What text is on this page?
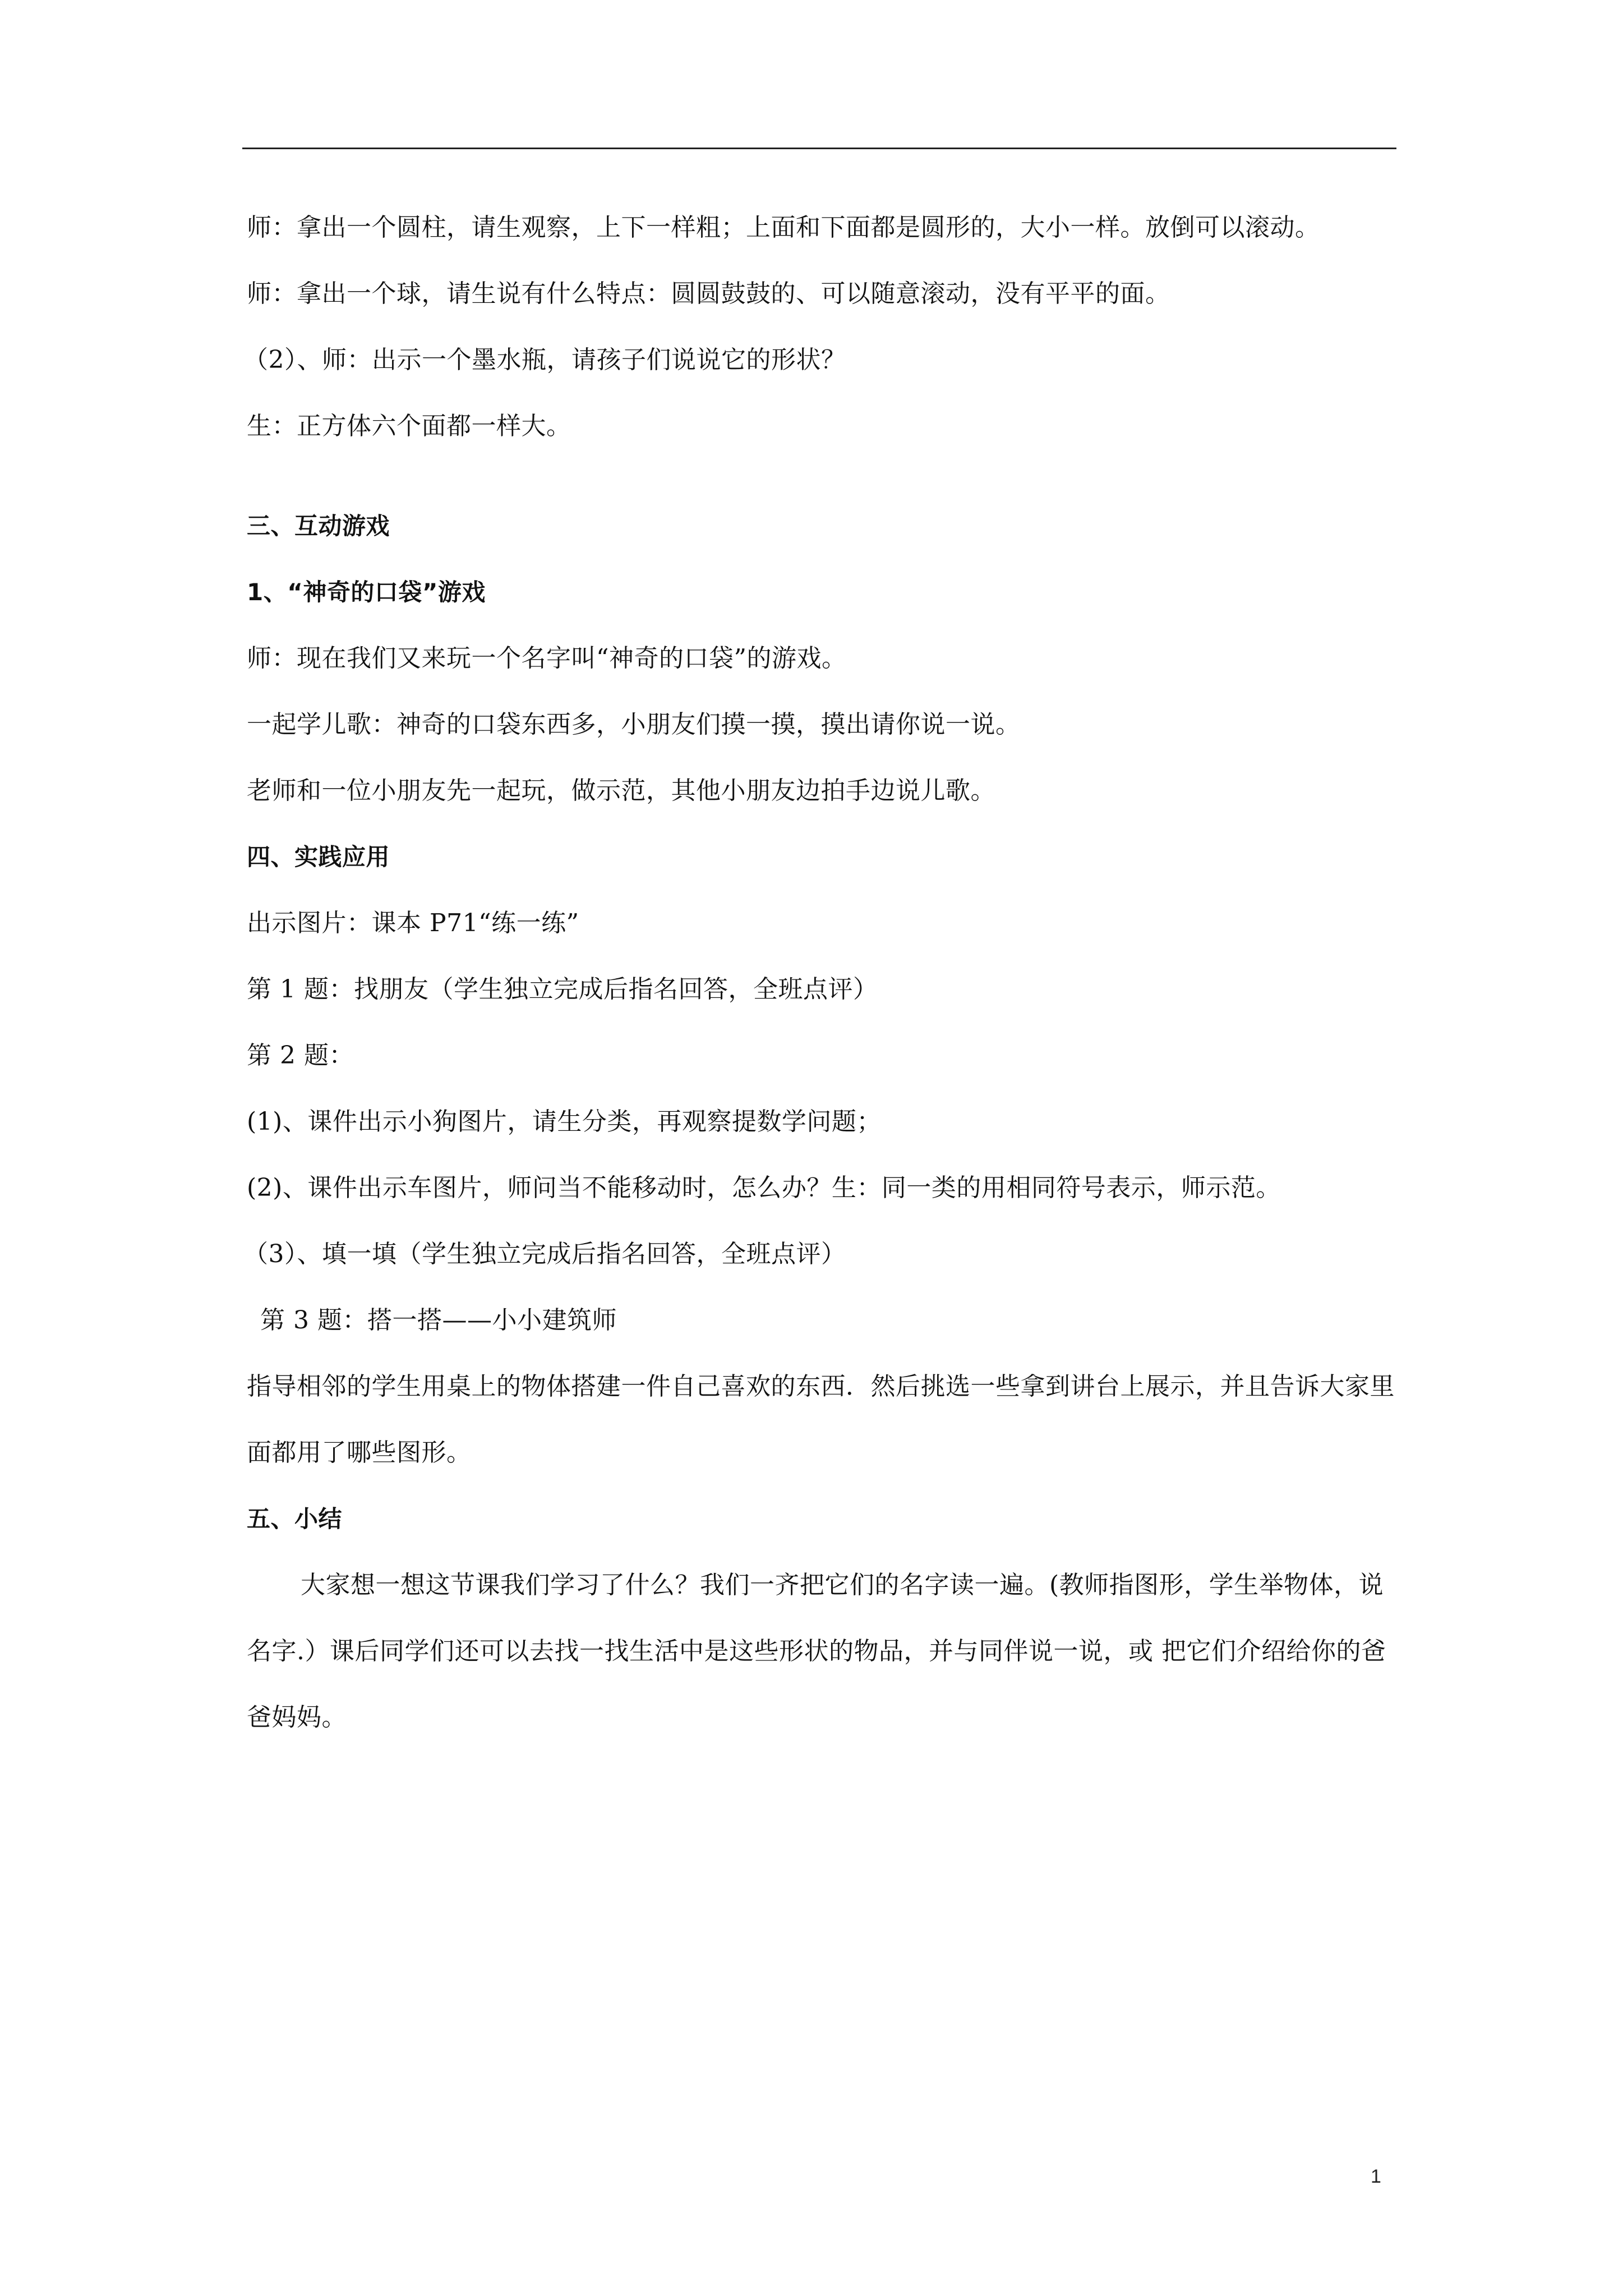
师：拿出一个圆柱，请生观察，上下一样粗；上面和下面都是圆形的，大小一样。放倒可以滚动。

师：拿出一个球，请生说有什么特点：圆圆鼓鼓的、可以随意滚动，没有平平的面。

（2）、师：出示一个墨水瓶，请孩子们说说它的形状？

生：正方体六个面都一样大。

三、互动游戏

1、“神奇的口袋”游戏

师：现在我们又来玩一个名字叫“神奇的口袋”的游戏。

一起学儿歌：神奇的口袋东西多，小朋友们摸一摸，摸出请你说一说。

老师和一位小朋友先一起玩，做示范，其他小朋友边拍手边说儿歌。

四、实践应用

出示图片：课本 P71“练一练”

第 1 题：找朋友（学生独立完成后指名回答，全班点评）

第 2 题：

(1)、课件出示小狗图片，请生分类，再观察提数学问题；

(2)、课件出示车图片，师问当不能移动时，怎么办？生：同一类的用相同符号表示，师示范。

（3）、填一填（学生独立完成后指名回答，全班点评）

第 3 题：搭一搭——小小建筑师

指导相邻的学生用桌上的物体搭建一件自己喜欢的东西．然后挑选一些拿到讲台上展示，并且告诉大家里面都用了哪些图形。

五、小结

大家想一想这节课我们学习了什么？我们一齐把它们的名字读一遍。(教师指图形，学生举物体，说名字.）课后同学们还可以去找一找生活中是这些形状的物品，并与同伴说一说，或 把它们介绍给你的爸爸妈妈。

1
